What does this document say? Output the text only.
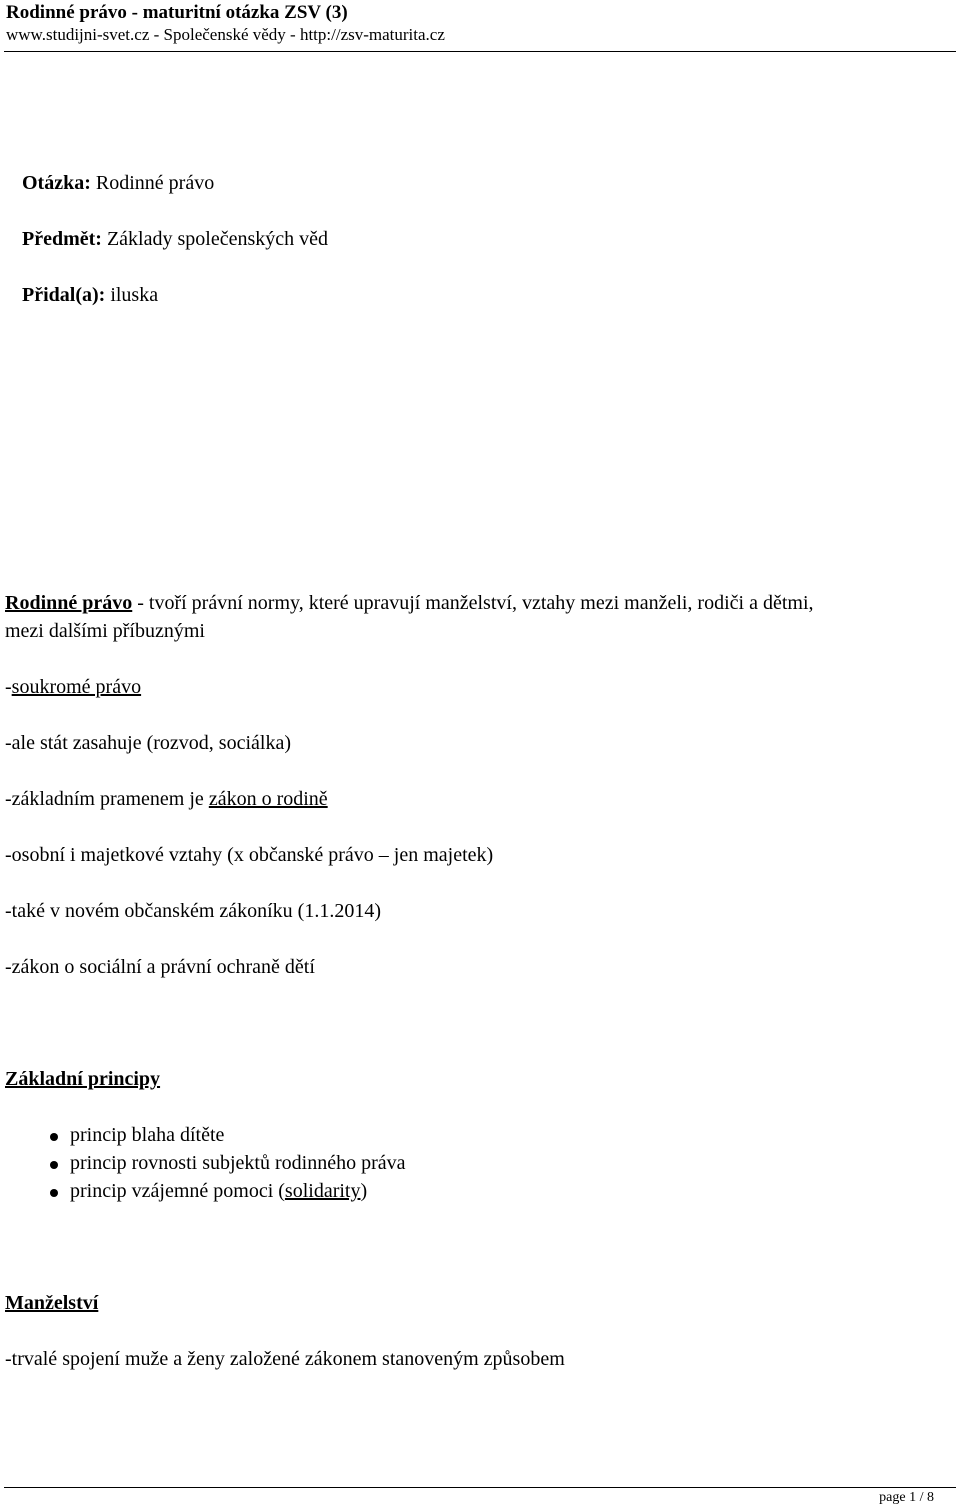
Rodinné právo - maturitní otázka ZSV (3)
www.studijni-svet.cz - Společenské vědy - http://zsv-maturita.cz
Otázka: Rodinné právo
Předmět: Základy společenských věd
Přidal(a): iluska
Rodinné právo - tvoří právní normy, které upravují manželství, vztahy mezi manželi, rodiči a dětmi,
mezi dalšími příbuznými
-soukromé právo
-ale stát zasahuje (rozvod, sociálka)
-základním pramenem je zákon o rodině
-osobní i majetkové vztahy (x občanské právo – jen majetek)
-také v novém občanském zákoníku (1.1.2014)
-zákon o sociální a právní ochraně dětí
Základní principy
princip blaha dítěte
princip rovnosti subjektů rodinného práva
princip vzájemné pomoci (solidarity)
Manželství
-trvalé spojení muže a ženy založené zákonem stanoveným způsobem
page 1 / 8
